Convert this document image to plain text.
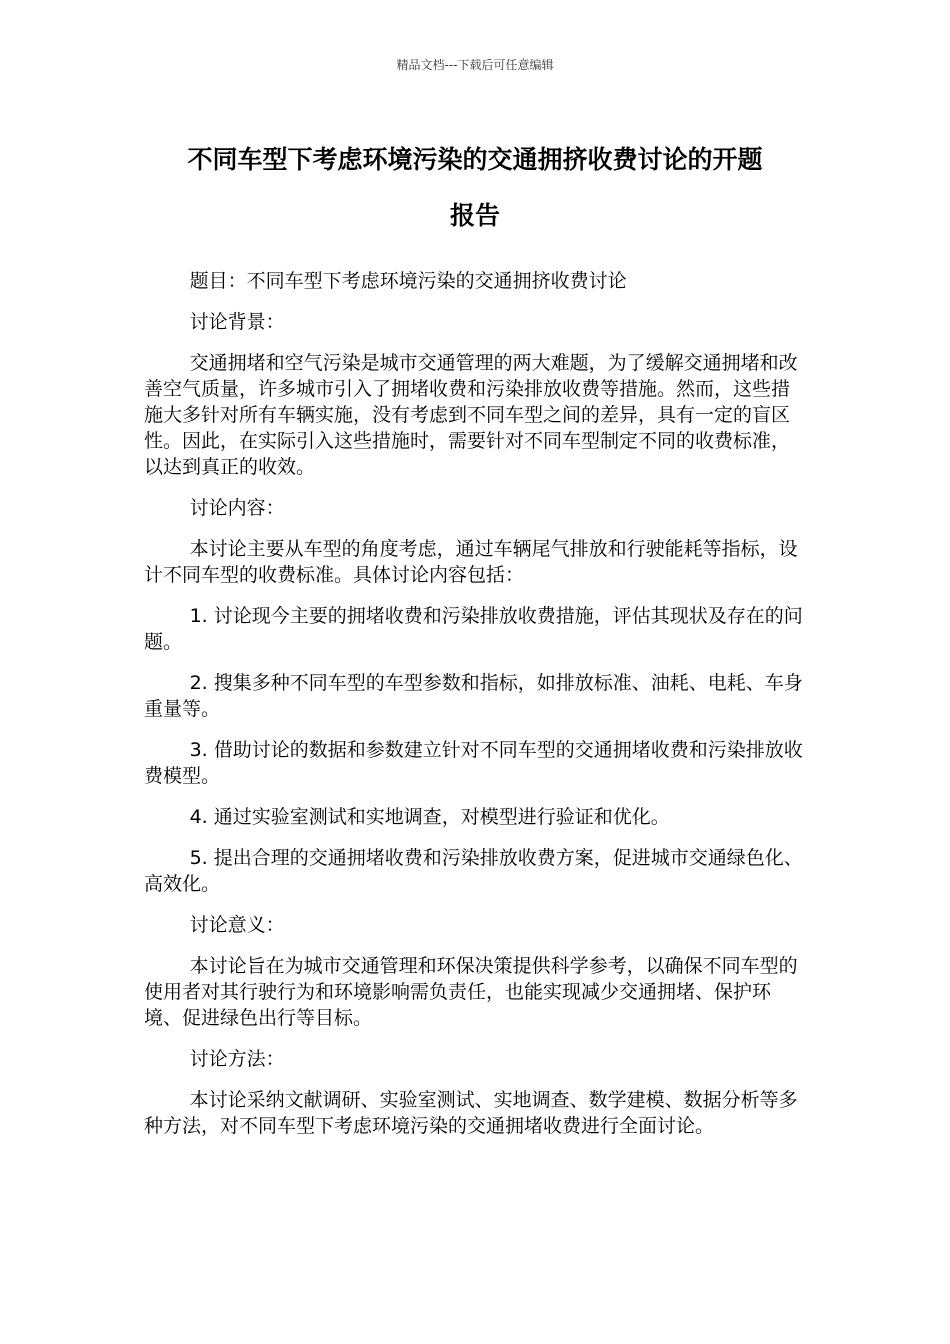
精品文档---下载后可任意编辑
不同车型下考虑环境污染的交通拥挤收费讨论的开题
报告

题目：不同车型下考虑环境污染的交通拥挤收费讨论

讨论背景：

交通拥堵和空气污染是城市交通管理的两大难题，为了缓解交通拥堵和改善空气质量，许多城市引入了拥堵收费和污染排放收费等措施。然而，这些措施大多针对所有车辆实施，没有考虑到不同车型之间的差异，具有一定的盲区性。因此，在实际引入这些措施时，需要针对不同车型制定不同的收费标准，以达到真正的收效。

讨论内容：

本讨论主要从车型的角度考虑，通过车辆尾气排放和行驶能耗等指标，设计不同车型的收费标准。具体讨论内容包括：

1. 讨论现今主要的拥堵收费和污染排放收费措施，评估其现状及存在的问题。

2. 搜集多种不同车型的车型参数和指标，如排放标准、油耗、电耗、车身重量等。

3. 借助讨论的数据和参数建立针对不同车型的交通拥堵收费和污染排放收费模型。

4. 通过实验室测试和实地调查，对模型进行验证和优化。

5. 提出合理的交通拥堵收费和污染排放收费方案，促进城市交通绿色化、高效化。

讨论意义：

本讨论旨在为城市交通管理和环保决策提供科学参考，以确保不同车型的使用者对其行驶行为和环境影响需负责任，也能实现减少交通拥堵、保护环境、促进绿色出行等目标。

讨论方法：

本讨论采纳文献调研、实验室测试、实地调查、数学建模、数据分析等多种方法，对不同车型下考虑环境污染的交通拥堵收费进行全面讨论。
